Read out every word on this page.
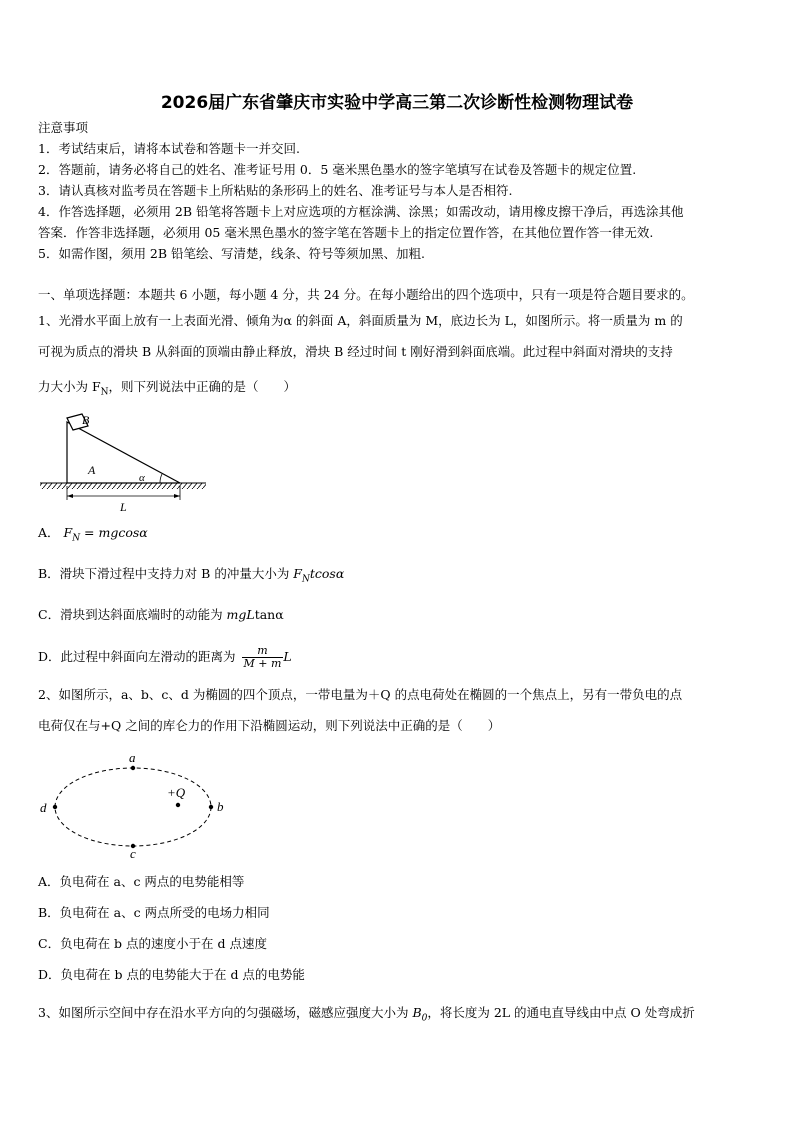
2026届广东省肇庆市实验中学高三第二次诊断性检测物理试卷
注意事项
1．考试结束后，请将本试卷和答题卡一并交回.
2．答题前，请务必将自己的姓名、准考证号用 0．5 毫米黑色墨水的签字笔填写在试卷及答题卡的规定位置.
3．请认真核对监考员在答题卡上所粘贴的条形码上的姓名、准考证号与本人是否相符.
4．作答选择题，必须用 2B 铅笔将答题卡上对应选项的方框涂满、涂黑；如需改动，请用橡皮擦干净后，再选涂其他
答案．作答非选择题，必须用 05 毫米黑色墨水的签字笔在答题卡上的指定位置作答，在其他位置作答一律无效.
5．如需作图，须用 2B 铅笔绘、写清楚，线条、符号等须加黑、加粗.
一、单项选择题：本题共 6 小题，每小题 4 分，共 24 分。在每小题给出的四个选项中，只有一项是符合题目要求的。
1、光滑水平面上放有一上表面光滑、倾角为α 的斜面 A，斜面质量为 M，底边长为 L，如图所示。将一质量为 m 的
可视为质点的滑块 B 从斜面的顶端由静止释放，滑块 B 经过时间 t 刚好滑到斜面底端。此过程中斜面对滑块的支持
力大小为 $F_N$，则下列说法中正确的是（　　）
B
A
α
L
A． $F_N = mgcos\alpha$
B．滑块下滑过程中支持力对 B 的冲量大小为 $F_Ntcos\alpha$
C．滑块到达斜面底端时的动能为 mgLtanα
D．此过程中斜面向左滑动的距离为 $\frac{m}{M + m}$ L
2、如图所示，a、b、c、d 为椭圆的四个顶点，一带电量为＋Q 的点电荷处在椭圆的一个焦点上，另有一带负电的点
电荷仅在与+Q 之间的库仑力的作用下沿椭圆运动，则下列说法中正确的是（　　）
a
b
c
d
+Q
A．负电荷在 a、c 两点的电势能相等
B．负电荷在 a、c 两点所受的电场力相同
C．负电荷在 b 点的速度小于在 d 点速度
D．负电荷在 b 点的电势能大于在 d 点的电势能
3、如图所示空间中存在沿水平方向的匀强磁场，磁感应强度大小为 $B_0$，将长度为 2L 的通电直导线由中点 O 处弯成折
